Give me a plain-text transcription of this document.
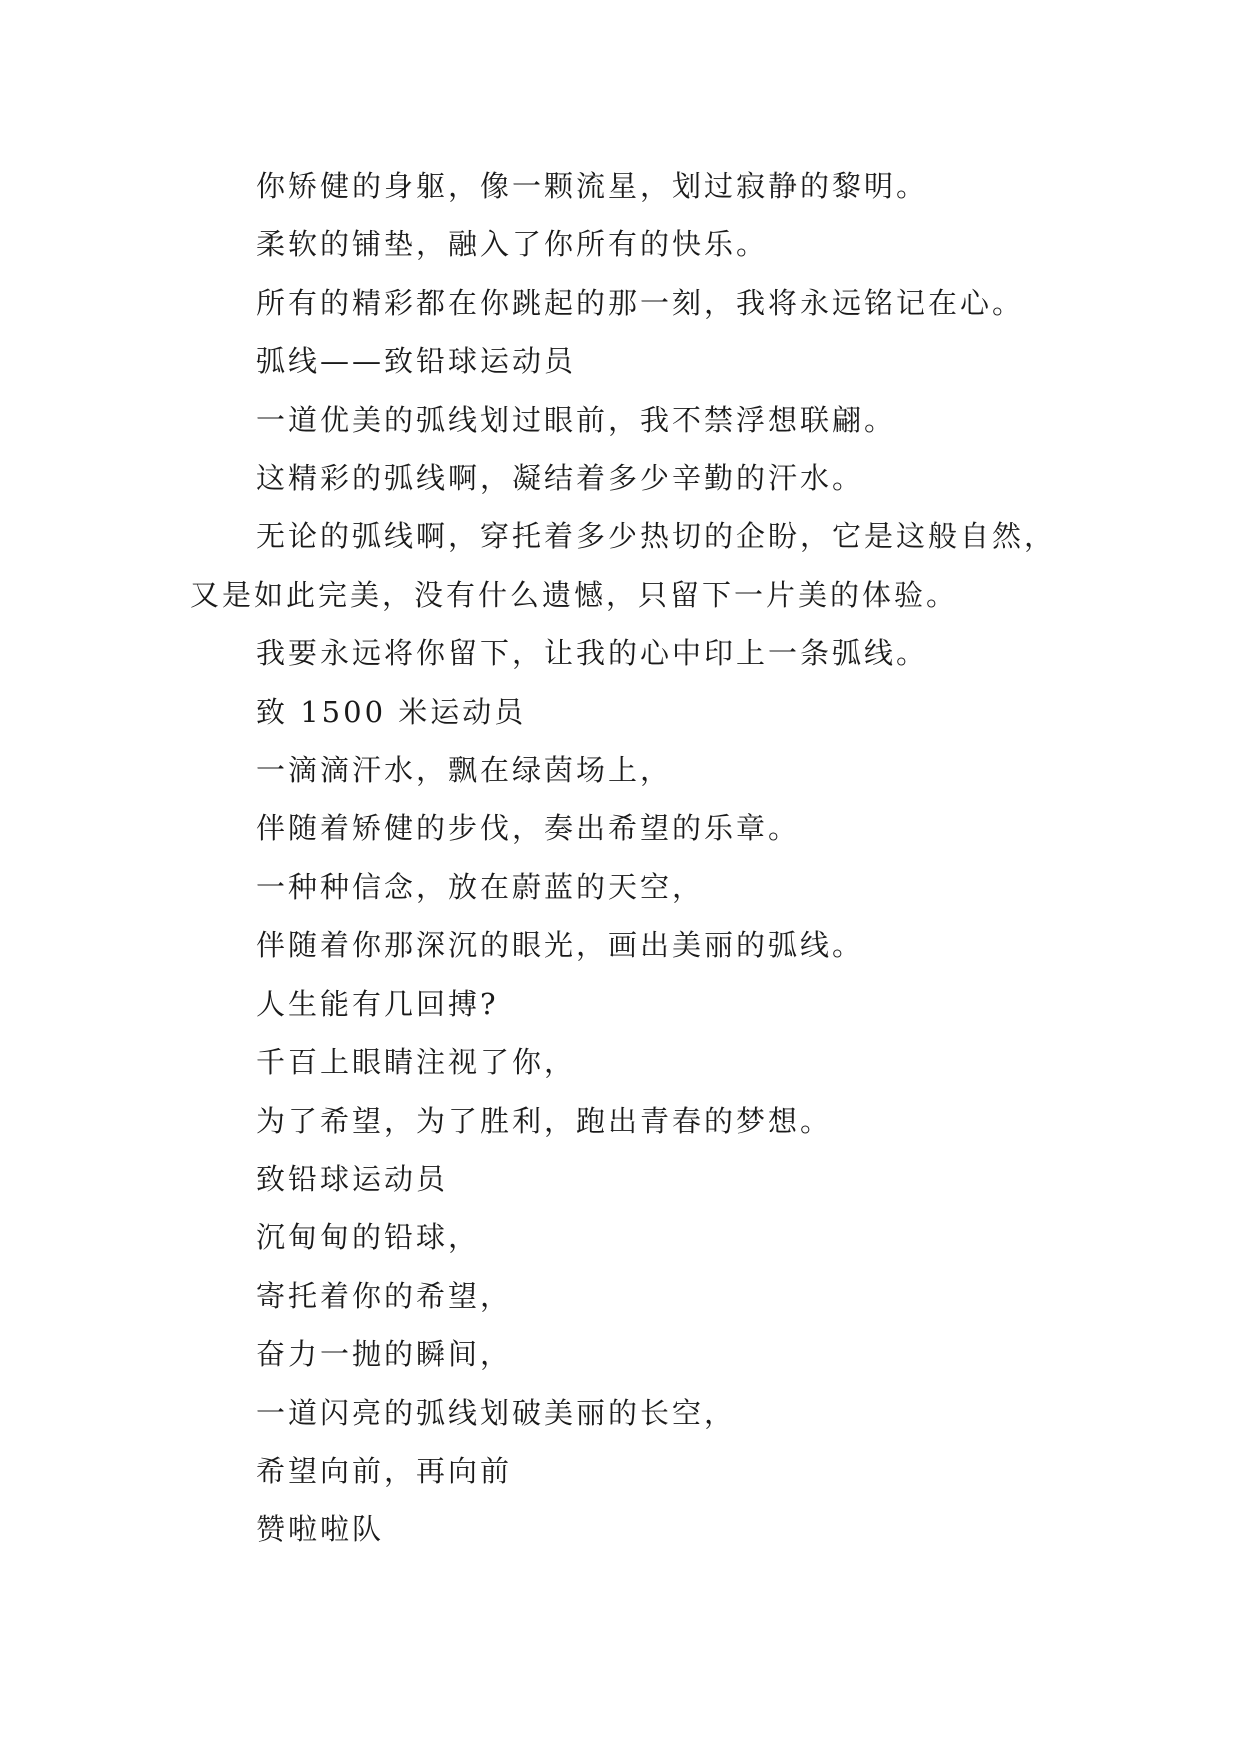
你矫健的身躯，像一颗流星，划过寂静的黎明。

柔软的铺垫，融入了你所有的快乐。

所有的精彩都在你跳起的那一刻，我将永远铭记在心。

弧线——致铅球运动员

一道优美的弧线划过眼前，我不禁浮想联翩。

这精彩的弧线啊，凝结着多少辛勤的汗水。

无论的弧线啊，穿托着多少热切的企盼，它是这般自然，又是如此完美，没有什么遗憾，只留下一片美的体验。

我要永远将你留下，让我的心中印上一条弧线。

致 1500 米运动员

一滴滴汗水，飘在绿茵场上，

伴随着矫健的步伐，奏出希望的乐章。

一种种信念，放在蔚蓝的天空，

伴随着你那深沉的眼光，画出美丽的弧线。

人生能有几回搏?

千百上眼睛注视了你，

为了希望，为了胜利，跑出青春的梦想。

致铅球运动员

沉甸甸的铅球，

寄托着你的希望，

奋力一抛的瞬间，

一道闪亮的弧线划破美丽的长空，

希望向前，再向前

赞啦啦队
